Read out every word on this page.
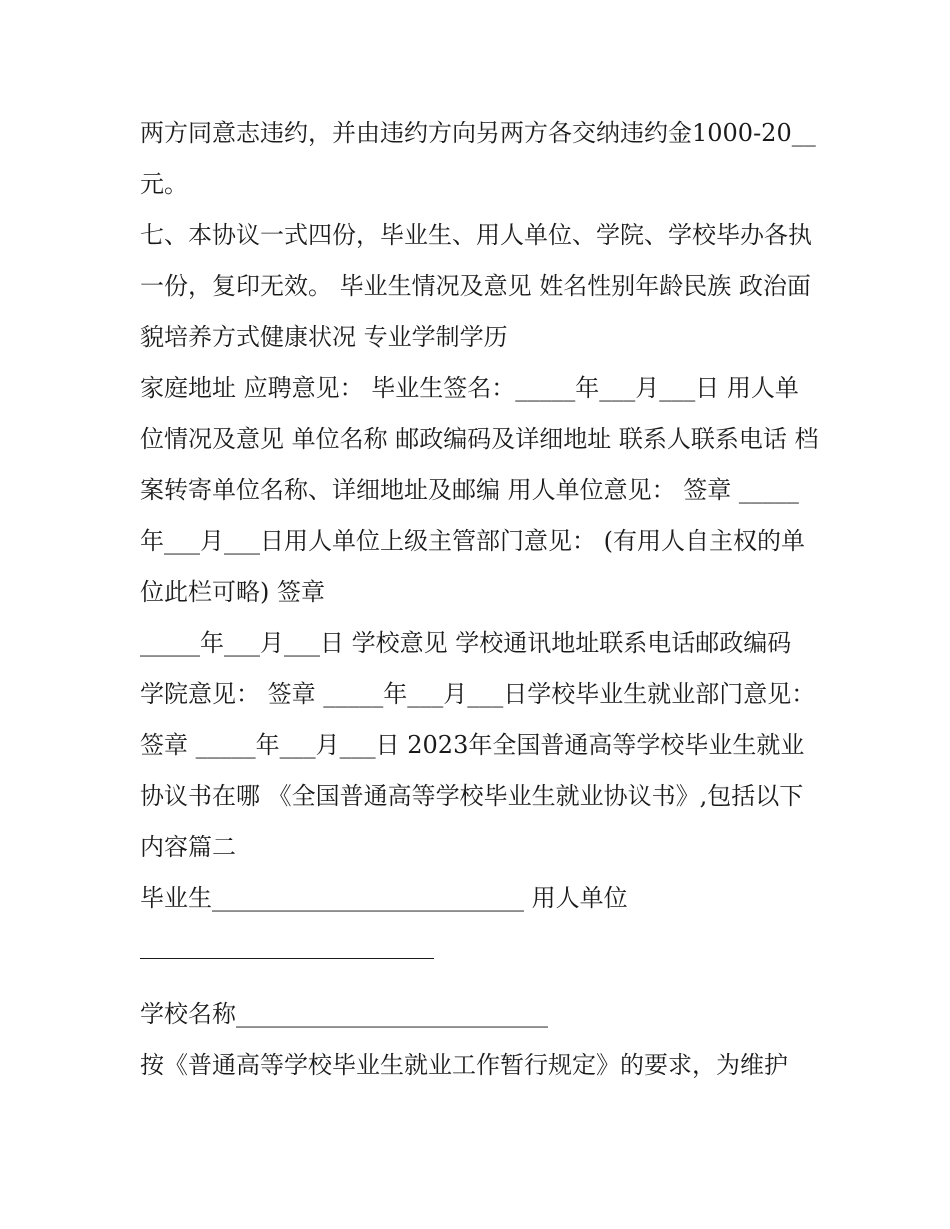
两方同意志违约，并由违约方向另两方各交纳违约金1000-20__元。

七、本协议一式四份，毕业生、用人单位、学院、学校毕办各执一份，复印无效。 毕业生情况及意见 姓名性别年龄民族 政治面貌培养方式健康状况 专业学制学历

家庭地址 应聘意见： 毕业生签名：_____年___月___日 用人单位情况及意见 单位名称 邮政编码及详细地址 联系人联系电话 档案转寄单位名称、详细地址及邮编 用人单位意见： 签章 _____年___月___日用人单位上级主管部门意见： (有用人自主权的单位此栏可略) 签章

_____年___月___日 学校意见 学校通讯地址联系电话邮政编码 学院意见： 签章 _____年___月___日学校毕业生就业部门意见：

签章 _____年___月___日 2023年全国普通高等学校毕业生就业协议书在哪 《全国普通高等学校毕业生就业协议书》,包括以下内容篇二

毕业生__________________________ 用人单位

学校名称__________________________

按《普通高等学校毕业生就业工作暂行规定》的要求，为维护
